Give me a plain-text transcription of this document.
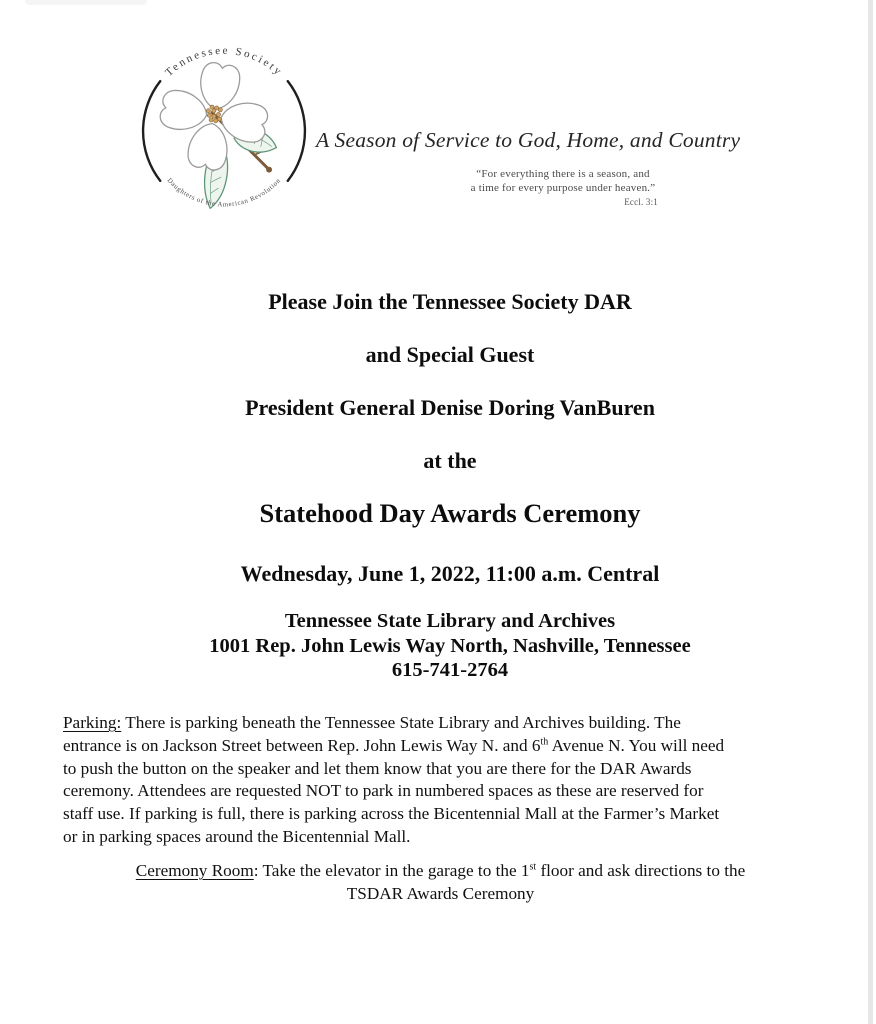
Tennessee Society
Daughters of the American Revolution
A Season of Service to God, Home, and Country
“For everything there is a season, and
a time for every purpose under heaven.”
Eccl. 3:1
Please Join the Tennessee Society DAR
and Special Guest
President General Denise Doring VanBuren
at the
Statehood Day Awards Ceremony
Wednesday, June 1, 2022, 11:00 a.m. Central
Tennessee State Library and Archives
1001 Rep. John Lewis Way North, Nashville, Tennessee
615-741-2764
Parking: There is parking beneath the Tennessee State Library and Archives building. The
entrance is on Jackson Street between Rep. John Lewis Way N. and 6th Avenue N. You will need
to push the button on the speaker and let them know that you are there for the DAR Awards
ceremony. Attendees are requested NOT to park in numbered spaces as these are reserved for
staff use. If parking is full, there is parking across the Bicentennial Mall at the Farmer’s Market
or in parking spaces around the Bicentennial Mall.
Ceremony Room: Take the elevator in the garage to the 1st floor and ask directions to the
TSDAR Awards Ceremony
